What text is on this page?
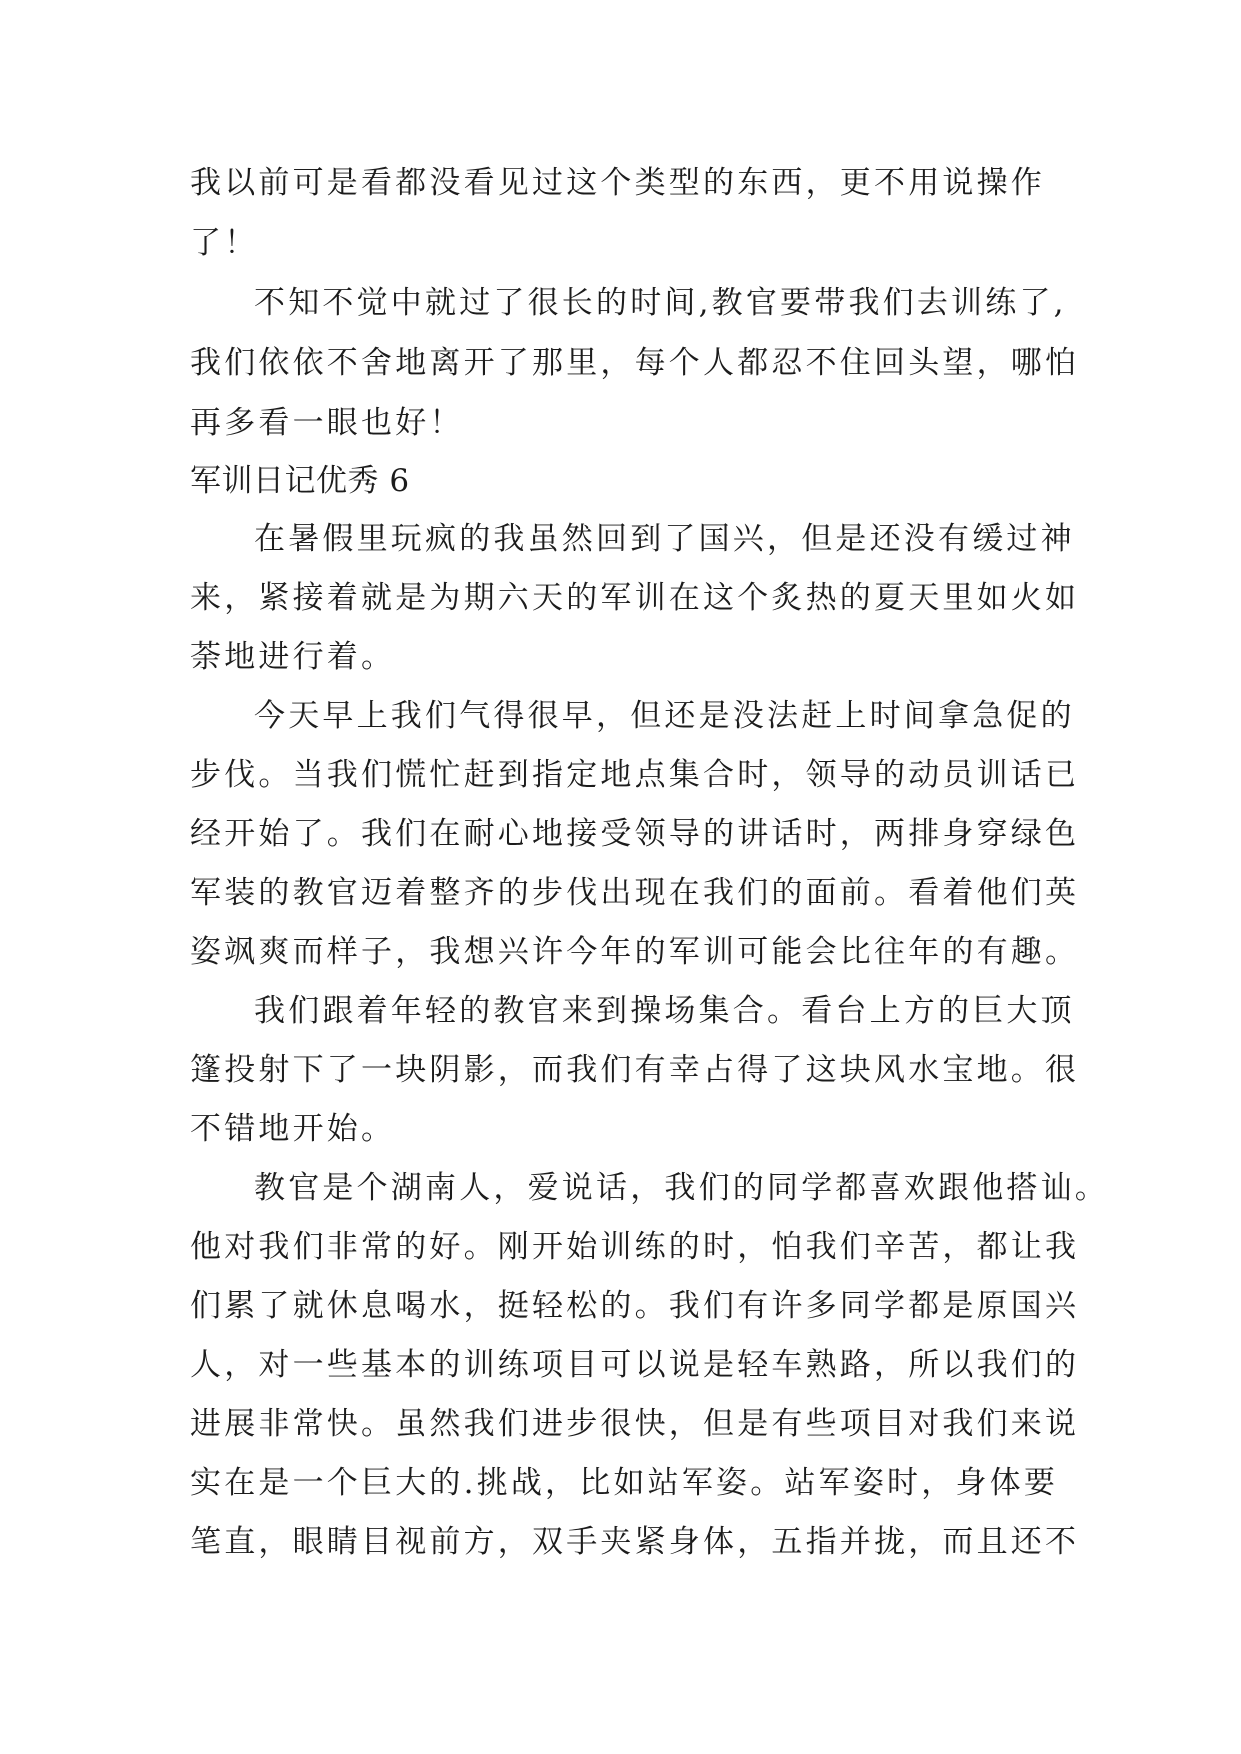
我以前可是看都没看见过这个类型的东西，更不用说操作
了！
不知不觉中就过了很长的时间,教官要带我们去训练了,
我们依依不舍地离开了那里，每个人都忍不住回头望，哪怕
再多看一眼也好！
军训日记优秀 6
在暑假里玩疯的我虽然回到了国兴，但是还没有缓过神
来，紧接着就是为期六天的军训在这个炙热的夏天里如火如
荼地进行着。
今天早上我们气得很早，但还是没法赶上时间拿急促的
步伐。当我们慌忙赶到指定地点集合时，领导的动员训话已
经开始了。我们在耐心地接受领导的讲话时，两排身穿绿色
军装的教官迈着整齐的步伐出现在我们的面前。看着他们英
姿飒爽而样子，我想兴许今年的军训可能会比往年的有趣。
我们跟着年轻的教官来到操场集合。看台上方的巨大顶
篷投射下了一块阴影，而我们有幸占得了这块风水宝地。很
不错地开始。
教官是个湖南人，爱说话，我们的同学都喜欢跟他搭讪。
他对我们非常的好。刚开始训练的时，怕我们辛苦，都让我
们累了就休息喝水，挺轻松的。我们有许多同学都是原国兴
人，对一些基本的训练项目可以说是轻车熟路，所以我们的
进展非常快。虽然我们进步很快，但是有些项目对我们来说
实在是一个巨大的.挑战，比如站军姿。站军姿时，身体要
笔直，眼睛目视前方，双手夹紧身体，五指并拢，而且还不
